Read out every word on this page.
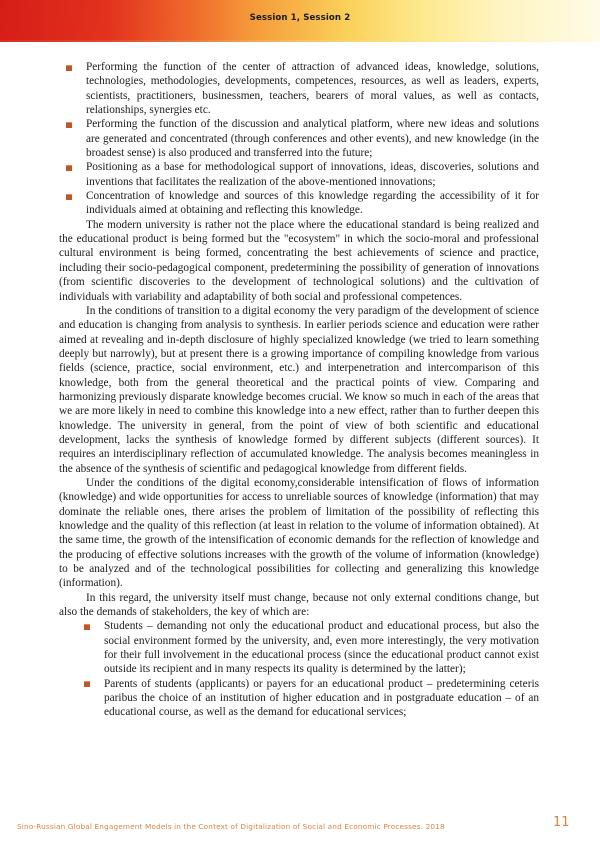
Session 1, Session 2
Performing the function of the center of attraction of advanced ideas, knowledge, solutions, technologies, methodologies, developments, competences, resources, as well as leaders, experts, scientists, practitioners, businessmen, teachers, bearers of moral values, as well as contacts, relationships, synergies etc.
Performing the function of the discussion and analytical platform, where new ideas and solutions are generated and concentrated (through conferences and other events), and new knowledge (in the broadest sense) is also produced and transferred into the future;
Positioning as a base for methodological support of innovations, ideas, discoveries, solutions and inventions that facilitates the realization of the above-mentioned innovations;
Concentration of knowledge and sources of this knowledge regarding the accessibility of it for individuals aimed at obtaining and reflecting this knowledge.

The modern university is rather not the place where the educational standard is being realized and the educational product is being formed but the "ecosystem" in which the socio-moral and professional cultural environment is being formed, concentrating the best achievements of science and practice, including their socio-pedagogical component, predetermining the possibility of generation of innovations (from scientific discoveries to the development of technological solutions) and the cultivation of individuals with variability and adaptability of both social and professional competences.

In the conditions of transition to a digital economy the very paradigm of the development of science and education is changing from analysis to synthesis. In earlier periods science and education were rather aimed at revealing and in-depth disclosure of highly specialized knowledge (we tried to learn something deeply but narrowly), but at present there is a growing importance of compiling knowledge from various fields (science, practice, social environment, etc.) and interpenetration and intercomparison of this knowledge, both from the general theoretical and the practical points of view. Comparing and harmonizing previously disparate knowledge becomes crucial. We know so much in each of the areas that we are more likely in need to combine this knowledge into a new effect, rather than to further deepen this knowledge. The university in general, from the point of view of both scientific and educational development, lacks the synthesis of knowledge formed by different subjects (different sources). It requires an interdisciplinary reflection of accumulated knowledge. The analysis becomes meaningless in the absence of the synthesis of scientific and pedagogical knowledge from different fields.

Under the conditions of the digital economy,considerable intensification of flows of information (knowledge) and wide opportunities for access to unreliable sources of knowledge (information) that may dominate the reliable ones, there arises the problem of limitation of the possibility of reflecting this knowledge and the quality of this reflection (at least in relation to the volume of information obtained). At the same time, the growth of the intensification of economic demands for the reflection of knowledge and the producing of effective solutions increases with the growth of the volume of information (knowledge) to be analyzed and of the technological possibilities for collecting and generalizing this knowledge (information).

In this regard, the university itself must change, because not only external conditions change, but also the demands of stakeholders, the key of which are:

Students – demanding not only the educational product and educational process, but also the social environment formed by the university, and, even more interestingly, the very motivation for their full involvement in the educational process (since the educational product cannot exist outside its recipient and in many respects its quality is determined by the latter);
Parents of students (applicants) or payers for an educational product – predetermining ceteris paribus the choice of an institution of higher education and in postgraduate education – of an educational course, as well as the demand for educational services;
Sino-Russian Global Engagement Models in the Context of Digitalization of Social and Economic Processes. 2018	11
